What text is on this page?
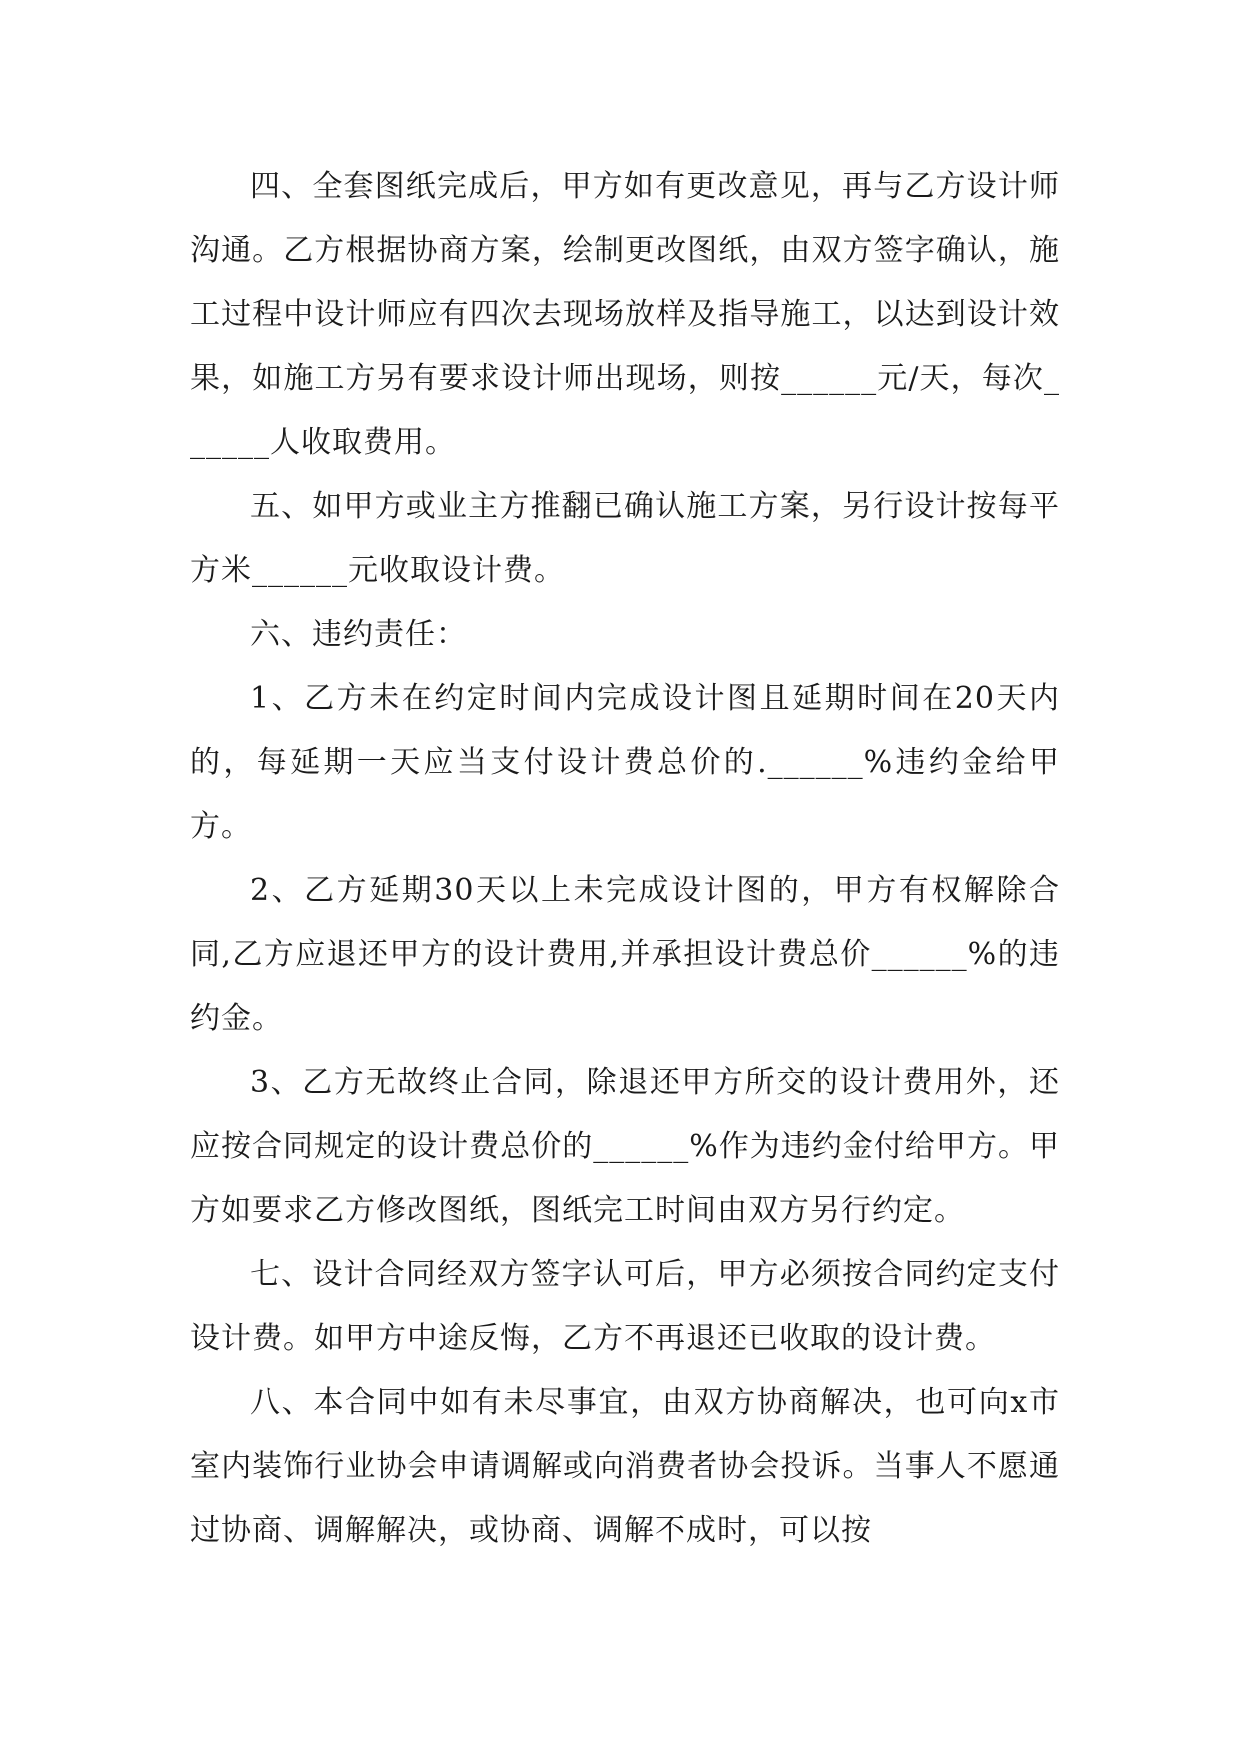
四、全套图纸完成后，甲方如有更改意见，再与乙方设计师沟通。乙方根据协商方案，绘制更改图纸，由双方签字确认，施工过程中设计师应有四次去现场放样及指导施工，以达到设计效果，如施工方另有要求设计师出现场，则按______元/天，每次______人收取费用。

五、如甲方或业主方推翻已确认施工方案，另行设计按每平方米______元收取设计费。

六、违约责任：

1、乙方未在约定时间内完成设计图且延期时间在20天内的，每延期一天应当支付设计费总价的.______%违约金给甲方。

2、乙方延期30天以上未完成设计图的，甲方有权解除合同,乙方应退还甲方的设计费用,并承担设计费总价______%的违约金。

3、乙方无故终止合同，除退还甲方所交的设计费用外，还应按合同规定的设计费总价的______%作为违约金付给甲方。甲方如要求乙方修改图纸，图纸完工时间由双方另行约定。

七、设计合同经双方签字认可后，甲方必须按合同约定支付设计费。如甲方中途反悔，乙方不再退还已收取的设计费。

八、本合同中如有未尽事宜，由双方协商解决，也可向x市室内装饰行业协会申请调解或向消费者协会投诉。当事人不愿通过协商、调解解决，或协商、调解不成时，可以按
